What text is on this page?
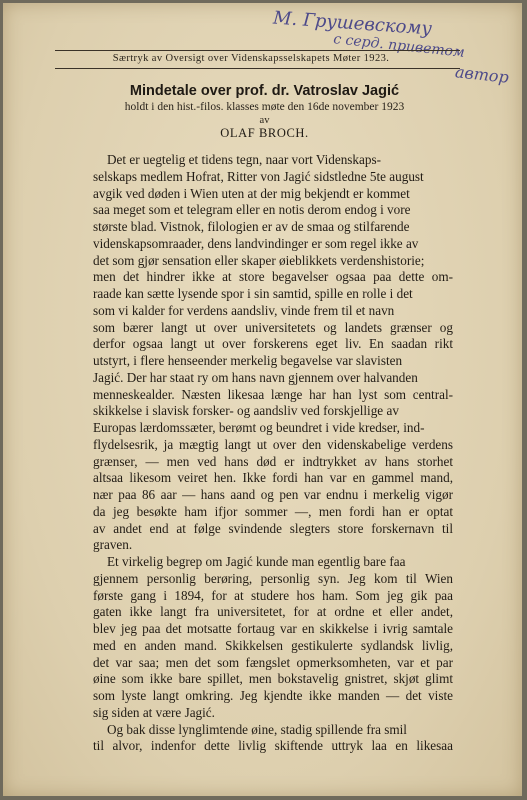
М. Грушевскому
с серд. приветом
автор
Særtryk av Oversigt over Videnskapsselskapets Møter 1923.
Mindetale over prof. dr. Vatroslav Jagić
holdt i den hist.-filos. klasses møte den 16de november 1923
av
OLAF BROCH.
Det er uegtelig et tidens tegn, naar vort Videnskaps-
selskaps medlem Hofrat, Ritter von Jagić sidstledne 5te august
avgik ved døden i Wien uten at der mig bekjendt er kommet
saa meget som et telegram eller en notis derom endog i vore
største blad. Vistnok, filologien er av de smaa og stilfarende
videnskapsomraader, dens landvindinger er som regel ikke av
det som gjør sensation eller skaper øieblikkets verdenshistorie;
men det hindrer ikke at store begavelser ogsaa paa dette om-
raade kan sætte lysende spor i sin samtid, spille en rolle i det
som vi kalder for verdens aandsliv, vinde frem til et navn
som bærer langt ut over universitetets og landets grænser og
derfor ogsaa langt ut over forskerens eget liv. En saadan rikt
utstyrt, i flere henseender merkelig begavelse var slavisten
Jagić. Der har staat ry om hans navn gjennem over halvanden
menneskealder. Næsten likesaa længe har han lyst som central-
skikkelse i slavisk forsker- og aandsliv ved forskjellige av
Europas lærdomssæter, berømt og beundret i vide kredser, ind-
flydelsesrik, ja mægtig langt ut over den videnskabelige verdens
grænser, — men ved hans død er indtrykket av hans storhet
altsaa likesom veiret hen. Ikke fordi han var en gammel mand,
nær paa 86 aar — hans aand og pen var endnu i merkelig vigør
da jeg besøkte ham ifjor sommer —, men fordi han er optat
av andet end at følge svindende slegters store forskernavn til
graven.
Et virkelig begrep om Jagić kunde man egentlig bare faa
gjennem personlig berøring, personlig syn. Jeg kom til Wien
første gang i 1894, for at studere hos ham. Som jeg gik paa
gaten ikke langt fra universitetet, for at ordne et eller andet,
blev jeg paa det motsatte fortaug var en skikkelse i ivrig samtale
med en anden mand. Skikkelsen gestikulerte sydlandsk livlig,
det var saa; men det som fængslet opmerksomheten, var et par
øine som ikke bare spillet, men bokstavelig gnistret, skjøt glimt
som lyste langt omkring. Jeg kjendte ikke manden — det viste
sig siden at være Jagić.
Og bak disse lynglimtende øine, stadig spillende fra smil
til alvor, indenfor dette livlig skiftende uttryk laa en likesaa
